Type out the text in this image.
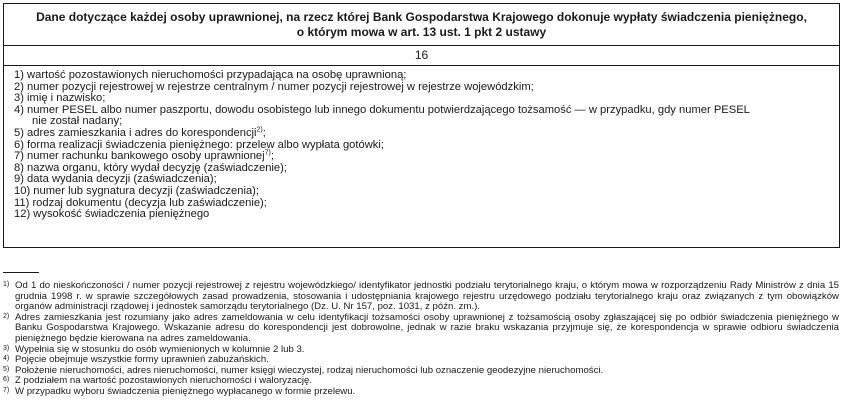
Dane dotyczące każdej osoby uprawnionej, na rzecz której Bank Gospodarstwa Krajowego dokonuje wypłaty świadczenia pieniężnego,
o którym mowa w art. 13 ust. 1 pkt 2 ustawy
16
1) wartość pozostawionych nieruchomości przypadająca na osobę uprawnioną;
2) numer pozycji rejestrowej w rejestrze centralnym / numer pozycji rejestrowej w rejestrze wojewódzkim;
3) imię i nazwisko;
4) numer PESEL albo numer paszportu, dowodu osobistego lub innego dokumentu potwierdzającego tożsamość — w przypadku, gdy numer PESEL
nie został nadany;
5) adres zamieszkania i adres do korespondencji$^{2)}$;
6) forma realizacji świadczenia pieniężnego: przelew albo wypłata gotówki;
7) numer rachunku bankowego osoby uprawnionej$^{7)}$;
8) nazwa organu, który wydał decyzję (zaświadczenie);
9) data wydania decyzji (zaświadczenia);
10) numer lub sygnatura decyzji (zaświadczenia);
11) rodzaj dokumentu (decyzja lub zaświadczenie);
12) wysokość świadczenia pieniężnego
1) Od 1 do nieskończoności / numer pozycji rejestrowej z rejestru wojewódzkiego/ identyfikator jednostki podziału terytorialnego kraju, o którym mowa w rozporządzeniu Rady Ministrów z dnia 15 grudnia 1998 r. w sprawie szczegółowych zasad prowadzenia, stosowania i udostępniania krajowego rejestru urzędowego podziału terytorialnego kraju oraz związanych z tym obowiązków organów administracji rządowej i jednostek samorządu terytorialnego (Dz. U. Nr 157, poz. 1031, z późn. zm.).
2) Adres zamieszkania jest rozumiany jako adres zameldowania w celu identyfikacji tożsamości osoby uprawnionej z tożsamością osoby zgłaszającej się po odbiór świadczenia pieniężnego w Banku Gospodarstwa Krajowego. Wskazanie adresu do korespondencji jest dobrowolne, jednak w razie braku wskazania przyjmuje się, że korespondencja w sprawie odbioru świadczenia pieniężnego będzie kierowana na adres zameldowania.
3) Wypełnia się w stosunku do osób wymienionych w kolumnie 2 lub 3.
4) Pojęcie obejmuje wszystkie formy uprawnień zabużańskich.
5) Położenie nieruchomości, adres nieruchomości, numer księgi wieczystej, rodzaj nieruchomości lub oznaczenie geodezyjne nieruchomości.
6) Z podziałem na wartość pozostawionych nieruchomości i waloryzację.
7) W przypadku wyboru świadczenia pieniężnego wypłacanego w formie przelewu.
